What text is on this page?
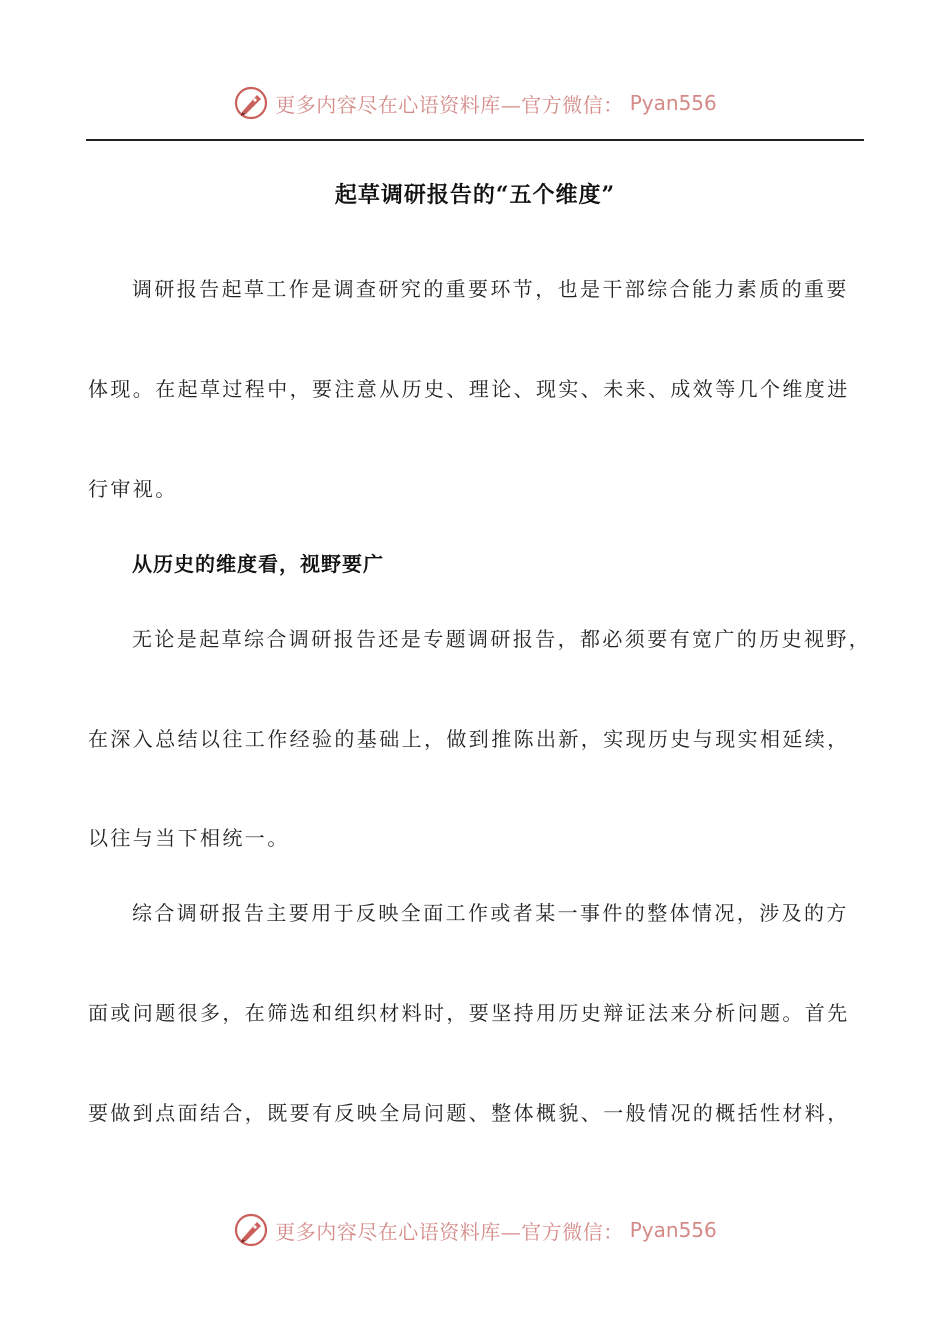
更多内容尽在心语资料库—官方微信： Pyan556
起草调研报告的“五个维度”
调研报告起草工作是调查研究的重要环节，也是干部综合能力素质的重要
体现。在起草过程中，要注意从历史、理论、现实、未来、成效等几个维度进
行审视。
从历史的维度看，视野要广
无论是起草综合调研报告还是专题调研报告，都必须要有宽广的历史视野，
在深入总结以往工作经验的基础上，做到推陈出新，实现历史与现实相延续，
以往与当下相统一。
综合调研报告主要用于反映全面工作或者某一事件的整体情况，涉及的方
面或问题很多，在筛选和组织材料时，要坚持用历史辩证法来分析问题。首先
要做到点面结合，既要有反映全局问题、整体概貌、一般情况的概括性材料，
更多内容尽在心语资料库—官方微信： Pyan556
